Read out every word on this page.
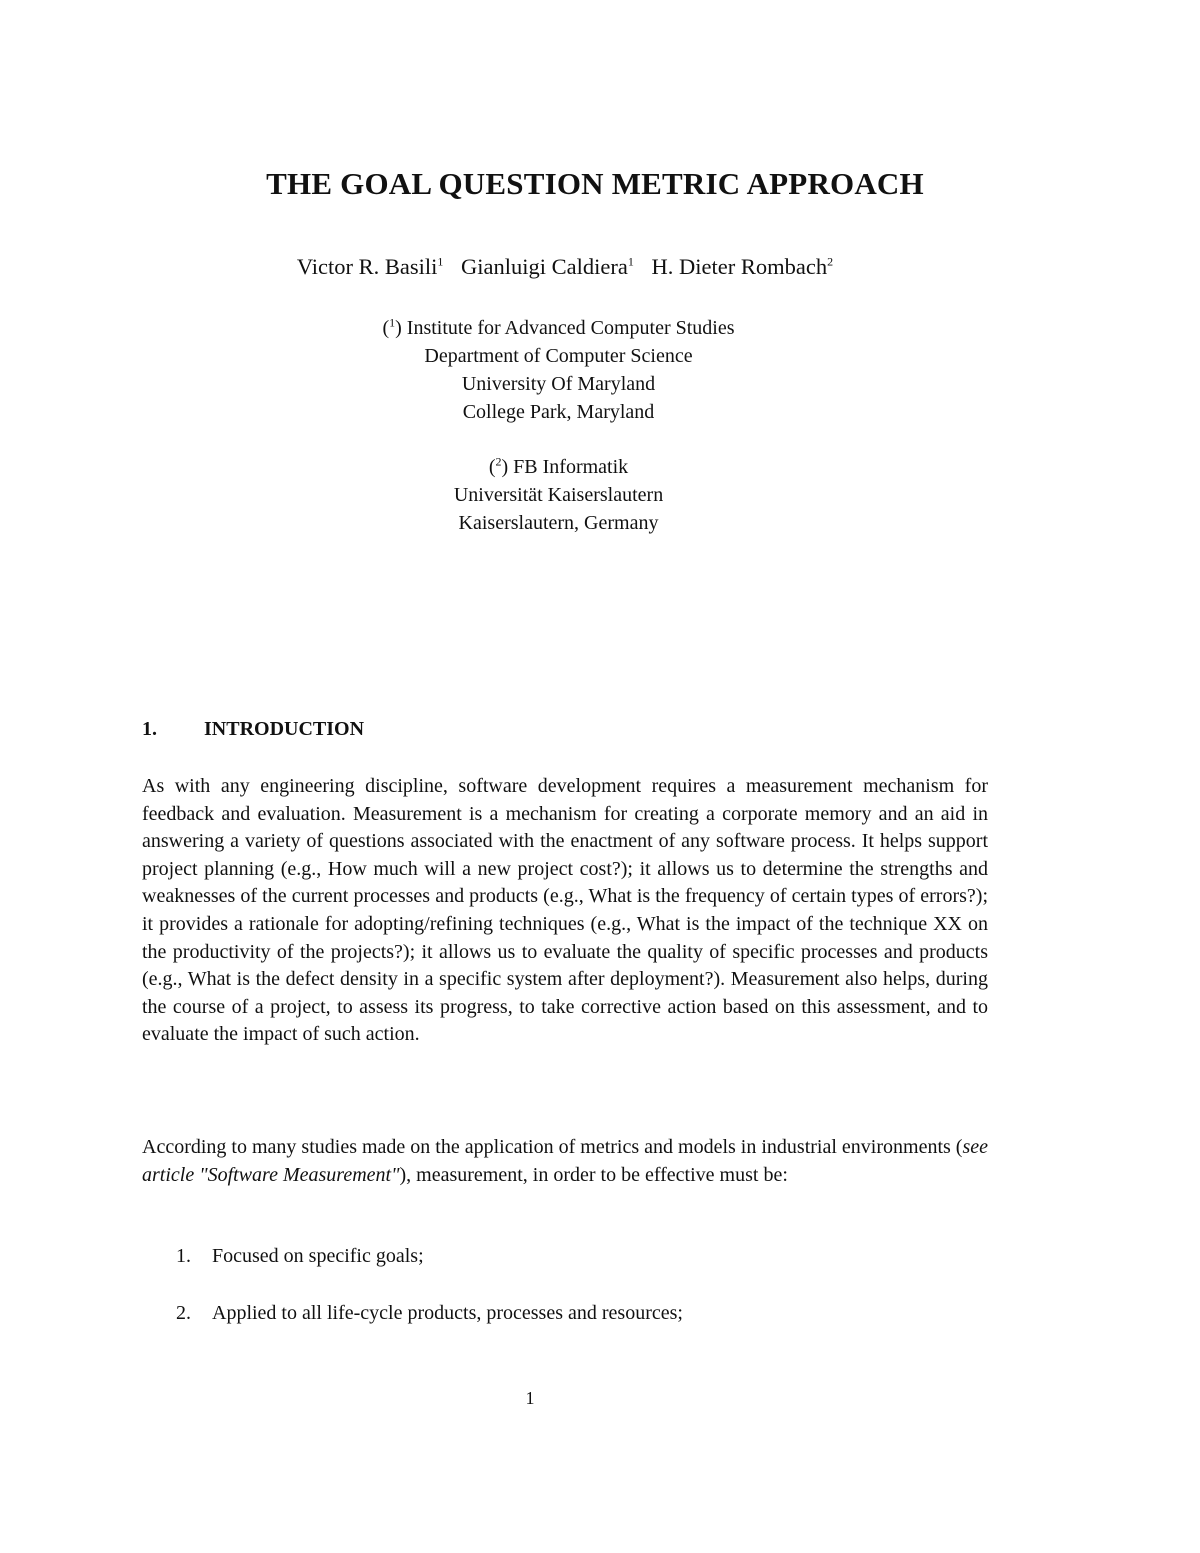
THE GOAL QUESTION METRIC APPROACH
Victor R. Basili$^1$ Gianluigi Caldiera$^1$ H. Dieter Rombach$^2$
($^1$) Institute for Advanced Computer Studies
Department of Computer Science
University Of Maryland
College Park, Maryland
($^2$) FB Informatik
Universität Kaiserslautern
Kaiserslautern, Germany
1. INTRODUCTION

As with any engineering discipline, software development requires a measurement mechanism for feedback and evaluation. Measurement is a mechanism for creating a corporate memory and an aid in answering a variety of questions associated with the enactment of any software process. It helps support project planning (e.g., How much will a new project cost?); it allows us to determine the strengths and weaknesses of the current processes and products (e.g., What is the frequency of certain types of errors?); it provides a rationale for adopting/refining techniques (e.g., What is the impact of the technique XX on the productivity of the projects?); it allows us to evaluate the quality of specific processes and products (e.g., What is the defect density in a specific system after deployment?). Measurement also helps, during the course of a project, to assess its progress, to take corrective action based on this assessment, and to evaluate the impact of such action.

According to many studies made on the application of metrics and models in industrial environments (see article "Software Measurement"), measurement, in order to be effective must be:

1. Focused on specific goals;
2. Applied to all life-cycle products, processes and resources;
1
